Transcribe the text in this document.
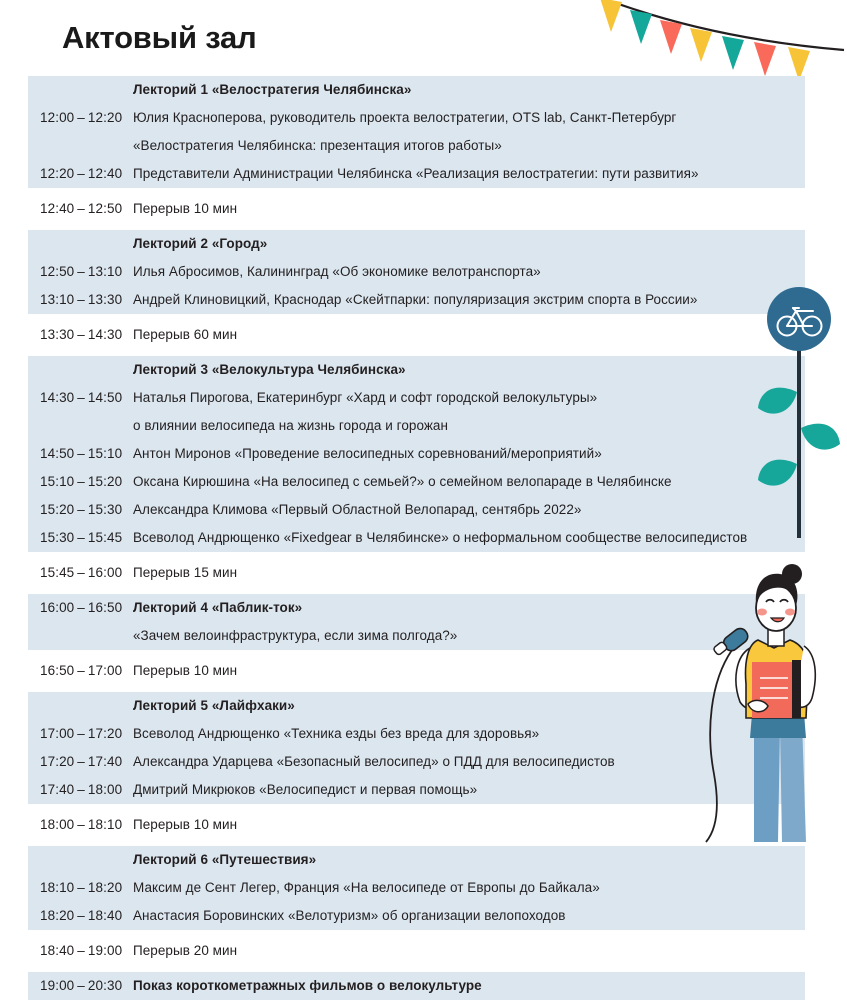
Актовый зал
Лекторий 1 «Велостратегия Челябинска»
12:00 – 12:20 Юлия Красноперова, руководитель проекта велостратегии, OTS lab, Санкт-Петербург
«Велостратегия Челябинска: презентация итогов работы»
12:20 – 12:40 Представители Администрации Челябинска «Реализация велостратегии: пути развития»
12:40 – 12:50 Перерыв 10 мин
Лекторий 2 «Город»
12:50 – 13:10 Илья Абросимов, Калининград «Об экономике велотранспорта»
13:10 – 13:30 Андрей Клиновицкий, Краснодар «Скейтпарки: популяризация экстрим спорта в России»
13:30 – 14:30 Перерыв 60 мин
Лекторий 3 «Велокультура Челябинска»
14:30 – 14:50 Наталья Пирогова, Екатеринбург «Хард и софт городской велокультуры»
о влиянии велосипеда на жизнь города и горожан
14:50 – 15:10 Антон Миронов «Проведение велосипедных соревнований/мероприятий»
15:10 – 15:20 Оксана Кирюшина «На велосипед с семьей?» о семейном велопараде в Челябинске
15:20 – 15:30 Александра Климова «Первый Областной Велопарад, сентябрь 2022»
15:30 – 15:45 Всеволод Андрющенко «Fixedgear в Челябинске» о неформальном сообществе велосипедистов
15:45 – 16:00 Перерыв 15 мин
16:00 – 16:50 Лекторий 4 «Паблик-ток»
«Зачем велоинфраструктура, если зима полгода?»
16:50 – 17:00 Перерыв 10 мин
Лекторий 5 «Лайфхаки»
17:00 – 17:20 Всеволод Андрющенко «Техника езды без вреда для здоровья»
17:20 – 17:40 Александра Ударцева «Безопасный велосипед» о ПДД для велосипедистов
17:40 – 18:00 Дмитрий Микрюков «Велосипедист и первая помощь»
18:00 – 18:10 Перерыв 10 мин
Лекторий 6 «Путешествия»
18:10 – 18:20 Максим де Сент Легер, Франция «На велосипеде от Европы до Байкала»
18:20 – 18:40 Анастасия Боровинских «Велотуризм» об организации велопоходов
18:40 – 19:00 Перерыв 20 мин
19:00 – 20:30 Показ короткометражных фильмов о велокультуре
